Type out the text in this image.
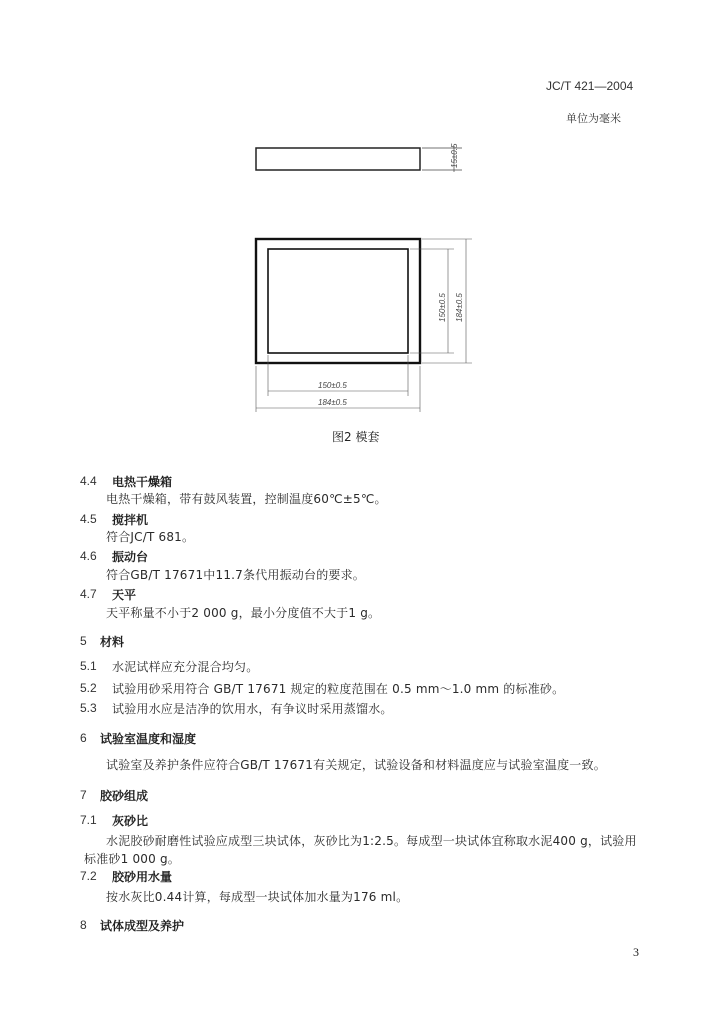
JC/T 421—2004
单位为毫米
15±0.5
150±0.5 184±0.5
150±0.5
184±0.5
图2 模套
4.4 电热干燥箱
电热干燥箱，带有鼓风装置，控制温度60℃±5℃。
4.5 搅拌机
符合JC/T 681。
4.6 振动台
符合GB/T 17671中11.7条代用振动台的要求。
4.7 天平
天平称量不小于2 000 g，最小分度值不大于1 g。
5 材料
5.1 水泥试样应充分混合均匀。
5.2 试验用砂采用符合 GB/T 17671 规定的粒度范围在 0.5 mm～1.0 mm 的标准砂。
5.3 试验用水应是洁净的饮用水，有争议时采用蒸馏水。
6 试验室温度和湿度
试验室及养护条件应符合GB/T 17671有关规定，试验设备和材料温度应与试验室温度一致。
7 胶砂组成
7.1 灰砂比
水泥胶砂耐磨性试验应成型三块试体，灰砂比为1:2.5。每成型一块试体宜称取水泥400 g，试验用
标准砂1 000 g。
7.2 胶砂用水量
按水灰比0.44计算，每成型一块试体加水量为176 ml。
8 试体成型及养护
3
